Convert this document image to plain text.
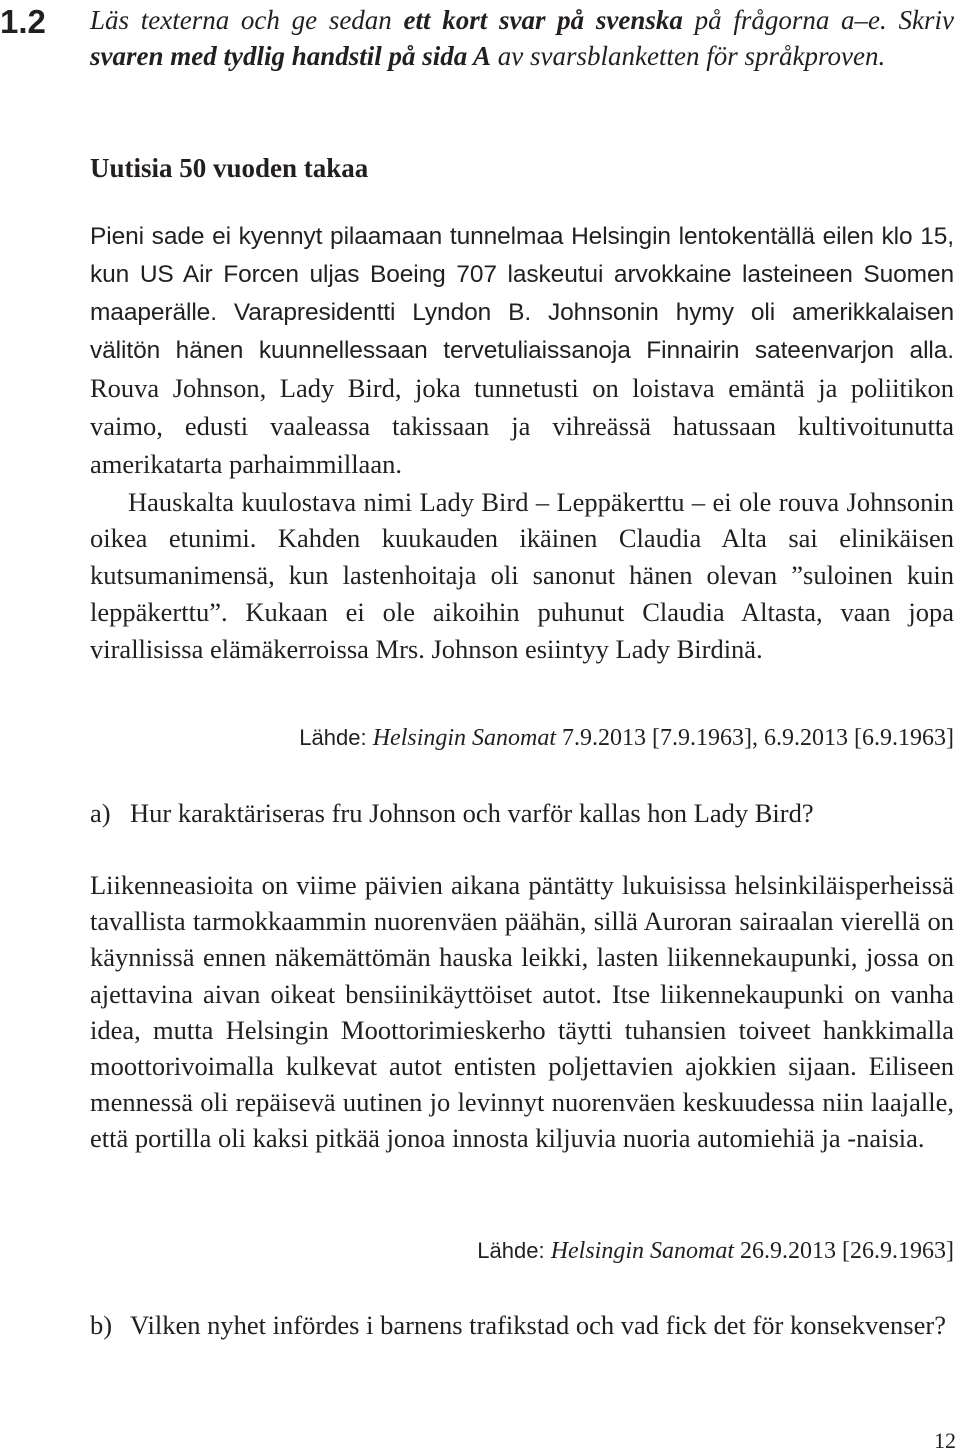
1.2 Läs texterna och ge sedan ett kort svar på svenska på frågorna a–e. Skriv svaren med tydlig handstil på sida A av svarsblanketten för språkproven.
Uutisia 50 vuoden takaa

Pieni sade ei kyennyt pilaamaan tunnelmaa Helsingin lentokentällä eilen klo 15, kun US Air Forcen uljas Boeing 707 laskeutui arvokkaine lasteineen Suomen maaperälle. Varapresidentti Lyndon B. Johnsonin hymy oli amerikkalaisen välitön hänen kuunnellessaan tervetuliaissanoja Finnairin sateenvarjon alla. Rouva Johnson, Lady Bird, joka tunnetusti on loistava emäntä ja poliitikon vaimo, edusti vaaleassa takissaan ja vihreässä hatussaan kultivoitunutta amerikatarta parhaimmillaan.

Hauskalta kuulostava nimi Lady Bird – Leppäkerttu – ei ole rouva Johnsonin oikea etunimi. Kahden kuukauden ikäinen Claudia Alta sai elinikäisen kutsumanimensä, kun lastenhoitaja oli sanonut hänen olevan ”suloinen kuin leppäkerttu”. Kukaan ei ole aikoihin puhunut Claudia Altasta, vaan jopa virallisissa elämäkerroissa Mrs. Johnson esiintyy Lady Birdinä.

Lähde: Helsingin Sanomat 7.9.2013 [7.9.1963], 6.9.2013 [6.9.1963]
a) Hur karaktäriseras fru Johnson och varför kallas hon Lady Bird?
Liikenneasioita on viime päivien aikana päntätty lukuisissa helsinkiläisperheissä tavallista tarmokkaammin nuorenväen päähän, sillä Auroran sairaalan vierellä on käynnissä ennen näkemättömän hauska leikki, lasten liikennekaupunki, jossa on ajettavina aivan oikeat bensiinikäyttöiset autot. Itse liikennekaupunki on vanha idea, mutta Helsingin Moottorimieskerho täytti tuhansien toiveet hankkimalla moottorivoimalla kulkevat autot entisten poljettavien ajokkien sijaan. Eiliseen mennessä oli repäisevä uutinen jo levinnyt nuorenväen keskuudessa niin laajalle, että portilla oli kaksi pitkää jonoa innosta kiljuvia nuoria automiehiä ja -naisia.
Lähde: Helsingin Sanomat 26.9.2013 [26.9.1963]
b) Vilken nyhet infördes i barnens trafikstad och vad fick det för konsekvenser?
12
